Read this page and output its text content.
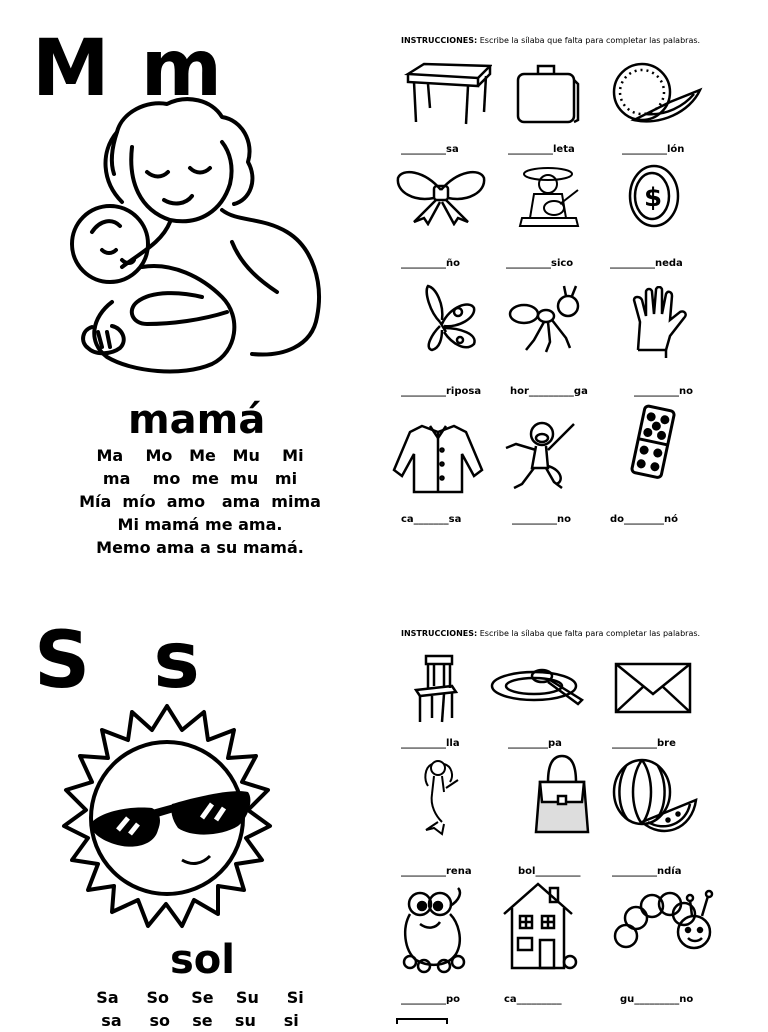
M m
mamá
Ma    Mo   Me   Mu    Mi
ma    mo  me  mu   mi
Mía  mío  amo   ama  mima
Mi mamá me ama.
Memo ama a su mamá.
INSTRUCCIONES: Escribe la sílaba que falta para completar las palabras.
_________sa	_________leta	_________lón
$
_________ño	_________sico	_________neda
_________riposa	hor_________ga	_________no
ca_______sa	_________no	do________nó
S s
sol
Sa     So    Se    Su     Si
sa     so    se    su     si
INSTRUCCIONES: Escribe la sílaba que falta para completar las palabras.
_________lla	________pa	_________bre
_________rena	bol_________	_________ndía
_________po	ca_________	gu_________no
